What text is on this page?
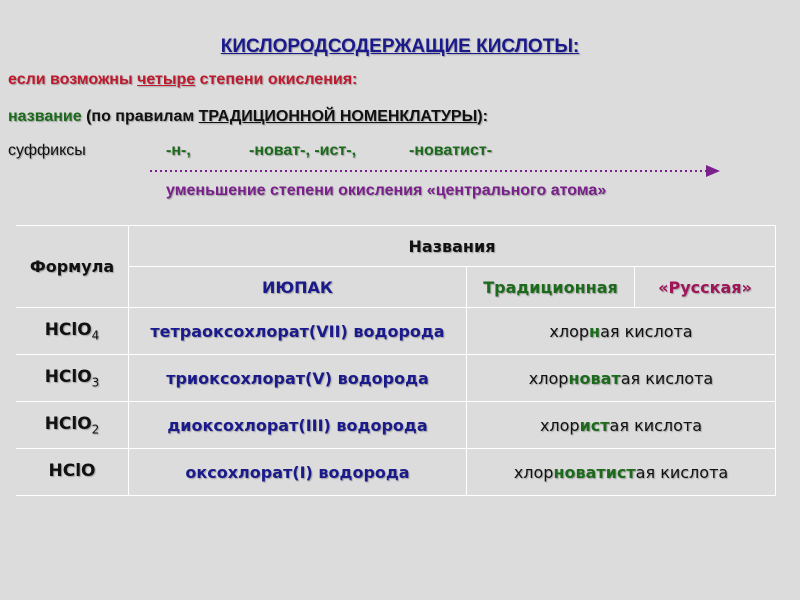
КИСЛОРОДСОДЕРЖАЩИЕ КИСЛОТЫ:
если возможны четыре степени окисления:
название (по правилам ТРАДИЦИОННОЙ НОМЕНКЛАТУРЫ):
суффиксы	-н-,	-новат-, -ист-,	-новатист-
уменьшение степени окисления «центрального атома»
Формула	Названия		
	ИЮПАК	Традиционная	«Русская»
HClO$_4$	тетраоксохлорат(VII) водорода	хлорная кислота	
HClO$_3$	триоксохлорат(V) водорода	хлорноватая кислота	
HClO$_2$	диоксохлорат(III) водорода	хлористая кислота	
HClO	оксохлорат(I) водорода	хлорноватистая кислота	
